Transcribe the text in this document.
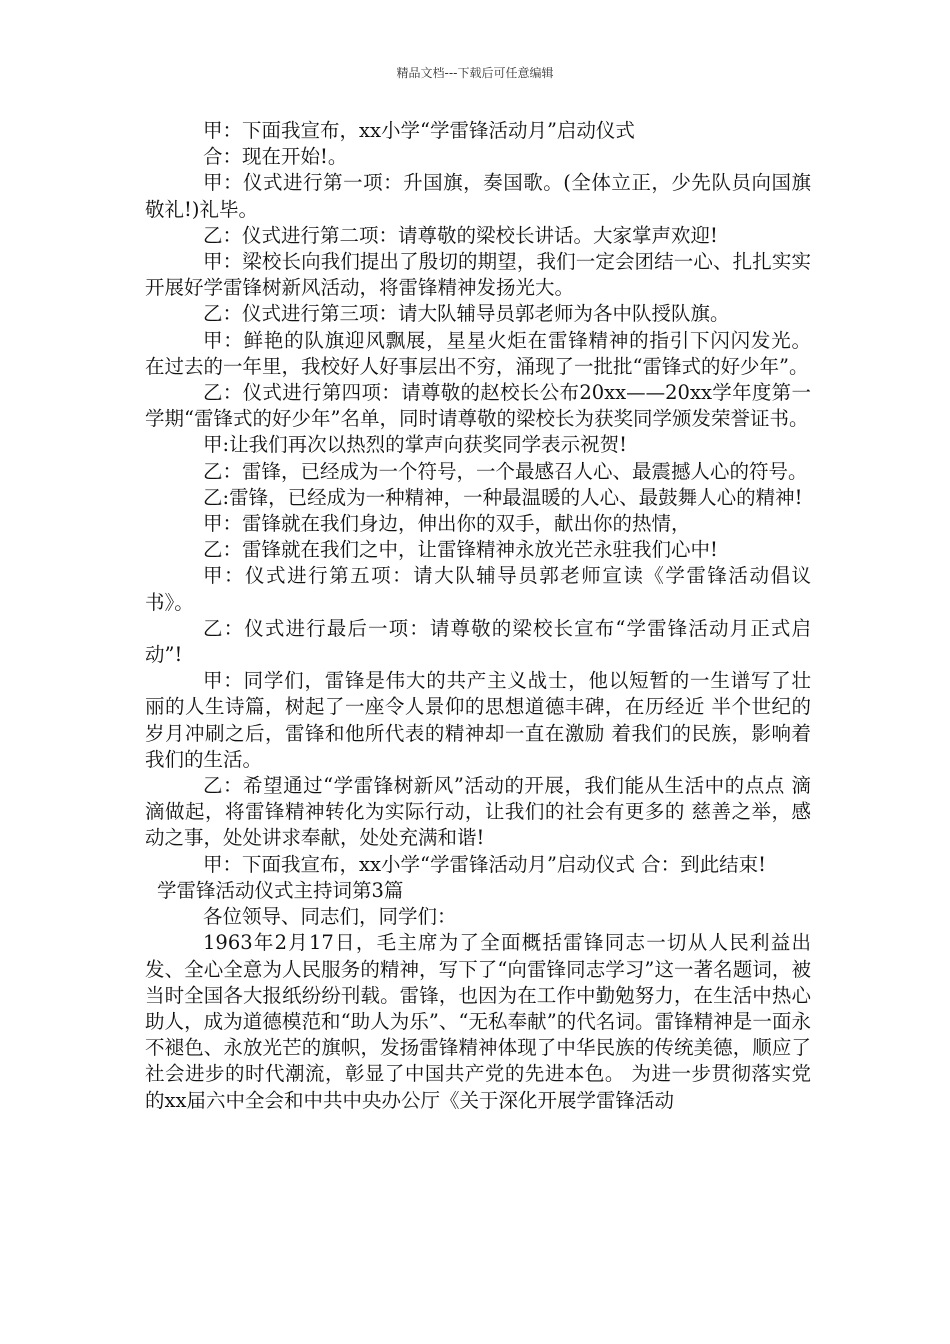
精品文档---下载后可任意编辑

甲：下面我宣布，xx小学“学雷锋活动月”启动仪式

合：现在开始!。

甲：仪式进行第一项：升国旗，奏国歌。(全体立正，少先队员向国旗敬礼!)礼毕。

乙：仪式进行第二项：请尊敬的梁校长讲话。大家掌声欢迎!

甲：梁校长向我们提出了殷切的期望，我们一定会团结一心、扎扎实实开展好学雷锋树新风活动，将雷锋精神发扬光大。

乙：仪式进行第三项：请大队辅导员郭老师为各中队授队旗。

甲：鲜艳的队旗迎风飘展，星星火炬在雷锋精神的指引下闪闪发光。 在过去的一年里，我校好人好事层出不穷，涌现了一批批“雷锋式的好少年”。

乙：仪式进行第四项：请尊敬的赵校长公布20xx——20xx学年度第一学期“雷锋式的好少年”名单，同时请尊敬的梁校长为获奖同学颁发荣誉证书。

甲:让我们再次以热烈的掌声向获奖同学表示祝贺!

乙：雷锋，已经成为一个符号，一个最感召人心、最震撼人心的符号。

乙:雷锋，已经成为一种精神，一种最温暖的人心、最鼓舞人心的精神!

甲：雷锋就在我们身边，伸出你的双手，献出你的热情，

乙：雷锋就在我们之中，让雷锋精神永放光芒永驻我们心中!

甲：仪式进行第五项：请大队辅导员郭老师宣读《学雷锋活动倡议书》。

乙：仪式进行最后一项：请尊敬的梁校长宣布“学雷锋活动月正式启动”!

甲：同学们，雷锋是伟大的共产主义战士，他以短暂的一生谱写了壮 丽的人生诗篇，树起了一座令人景仰的思想道德丰碑，在历经近 半个世纪的岁月冲刷之后，雷锋和他所代表的精神却一直在激励 着我们的民族，影响着我们的生活。

乙：希望通过“学雷锋树新风”活动的开展，我们能从生活中的点点 滴滴做起，将雷锋精神转化为实际行动，让我们的社会有更多的 慈善之举，感动之事，处处讲求奉献，处处充满和谐!

甲：下面我宣布，xx小学“学雷锋活动月”启动仪式 合：到此结束!

学雷锋活动仪式主持词第3篇

各位领导、同志们，同学们：

1963年2月17日，毛主席为了全面概括雷锋同志一切从人民利益出发、全心全意为人民服务的精神，写下了“向雷锋同志学习”这一著名题词，被当时全国各大报纸纷纷刊载。雷锋，也因为在工作中勤勉努力，在生活中热心助人，成为道德模范和“助人为乐”、“无私奉献”的代名词。雷锋精神是一面永不褪色、永放光芒的旗帜，发扬雷锋精神体现了中华民族的传统美德，顺应了社会进步的时代潮流，彰显了中国共产党的先进本色。 为进一步贯彻落实党的xx届六中全会和中共中央办公厅《关于深化开展学雷锋活动
